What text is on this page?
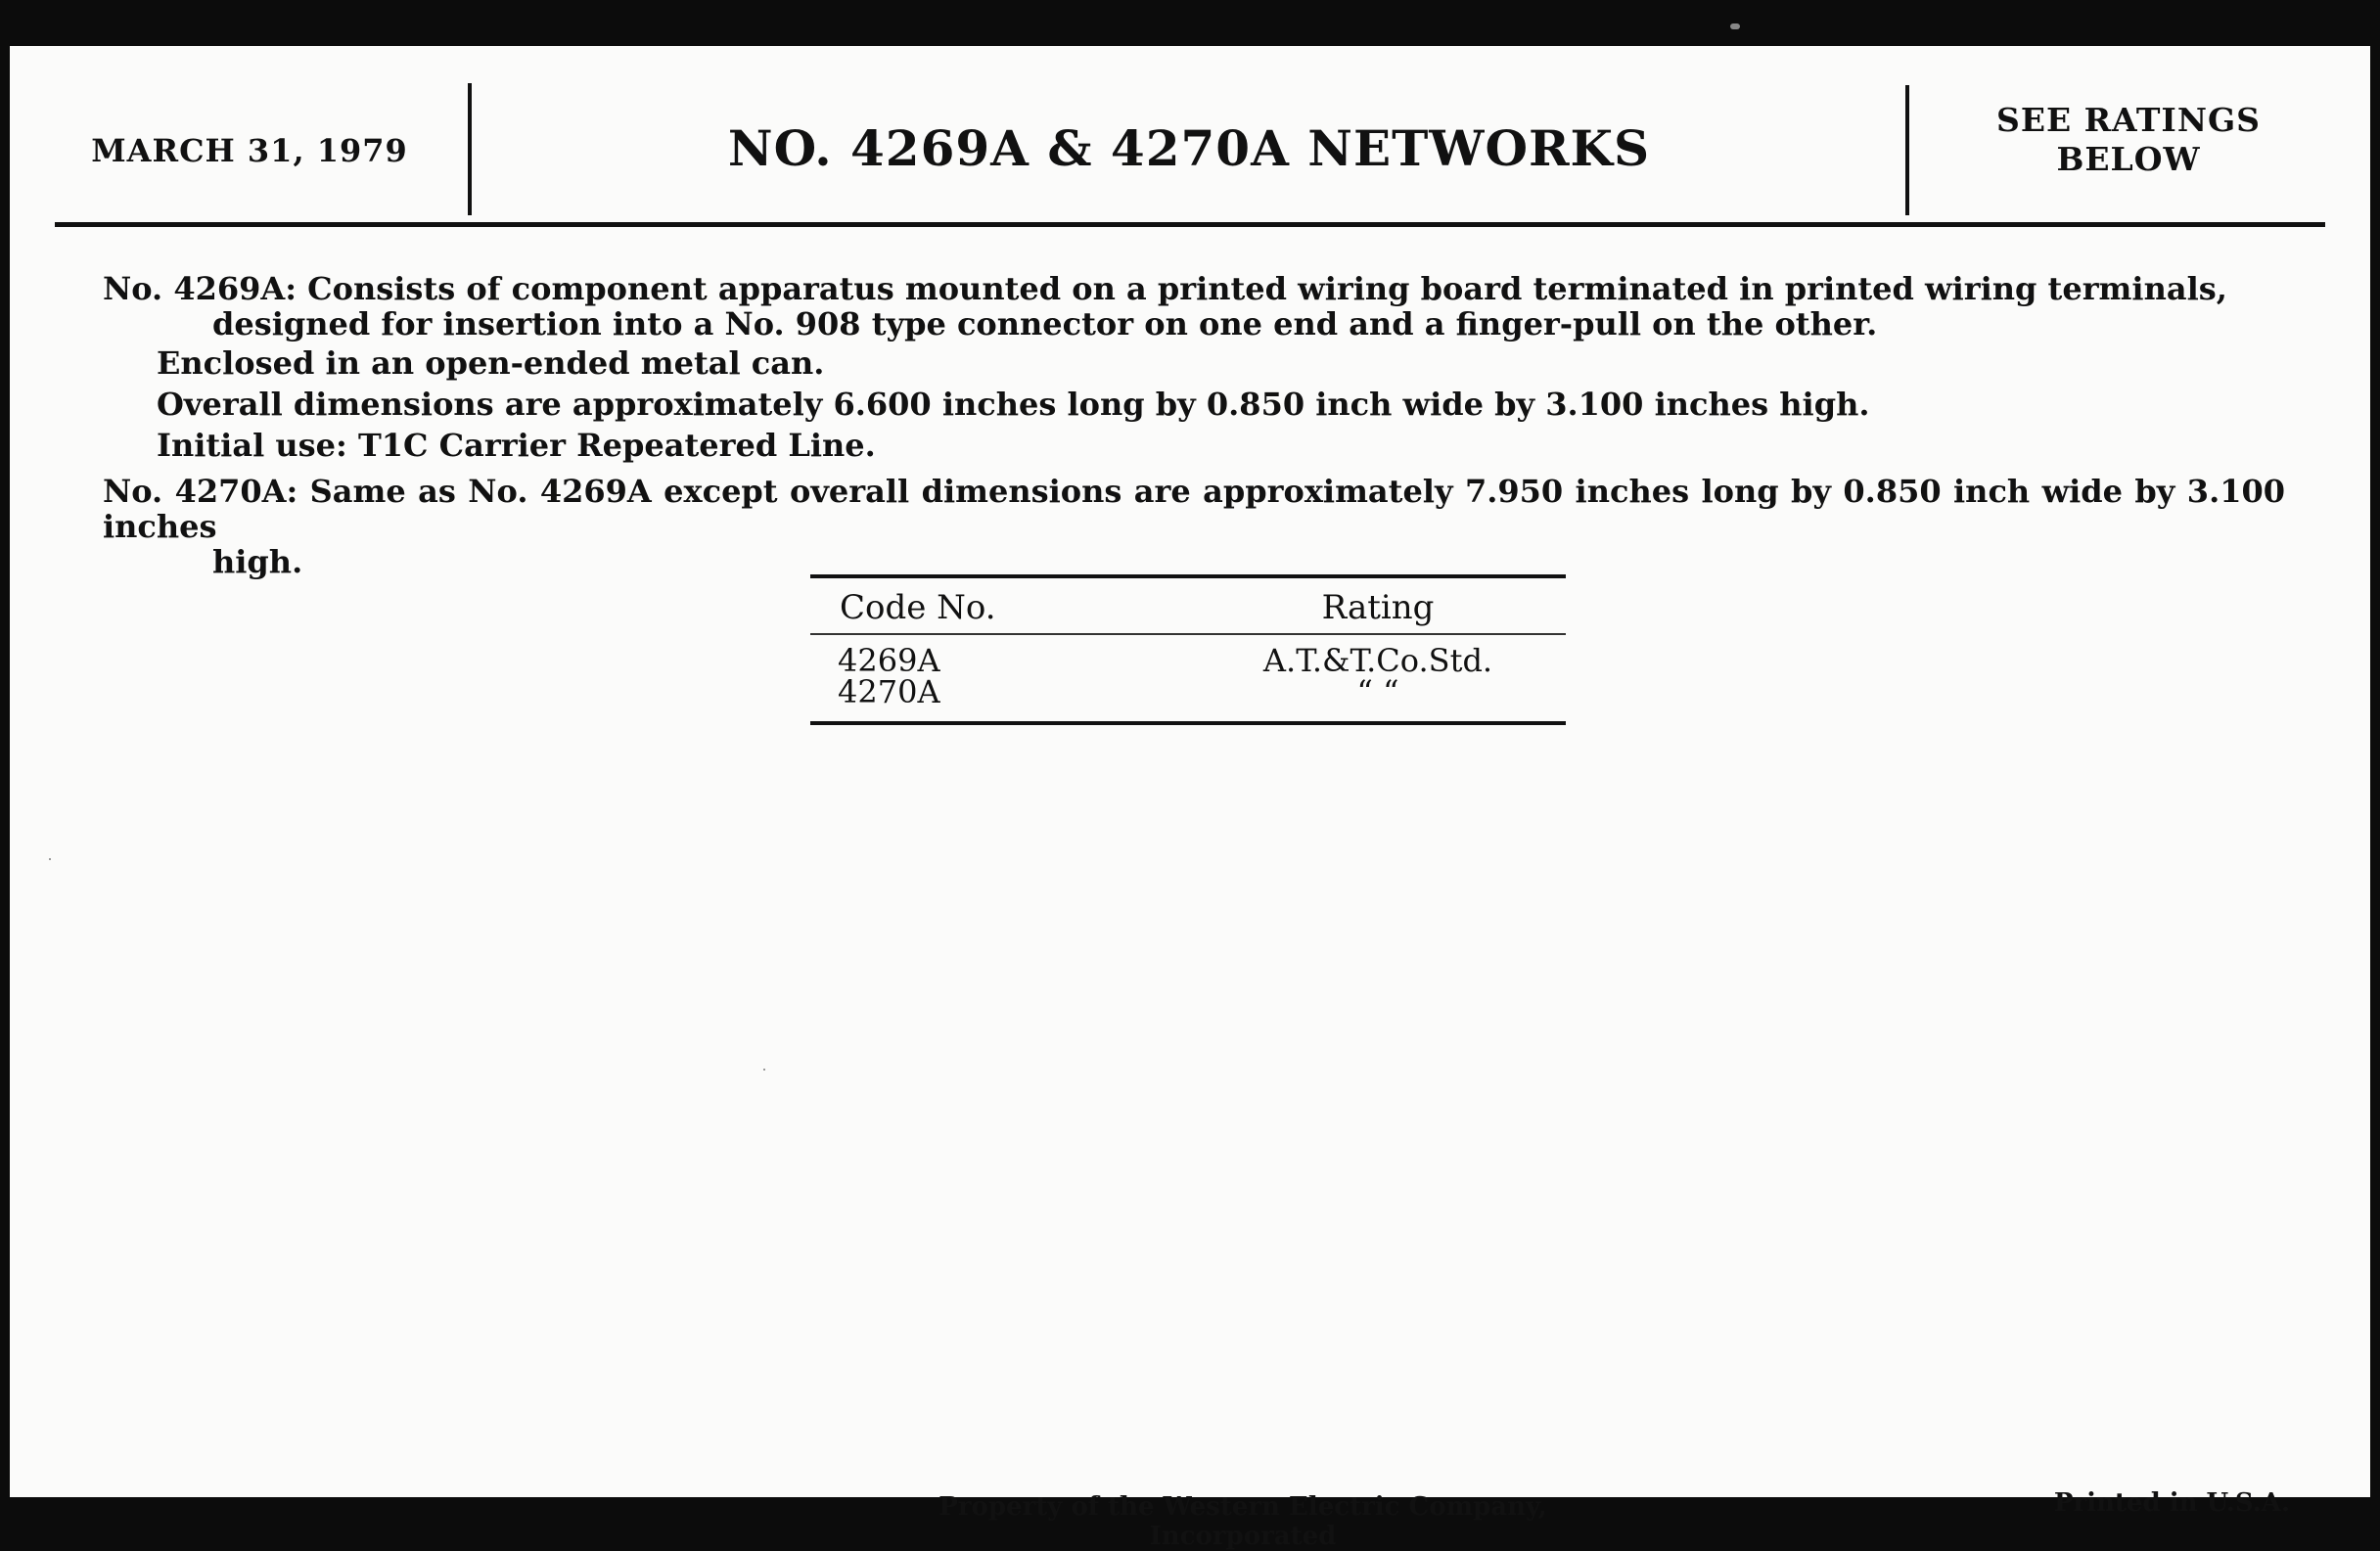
MARCH 31, 1979	NO. 4269A & 4270A NETWORKS	SEE RATINGS
BELOW
No. 4269A: Consists of component apparatus mounted on a printed wiring board terminated in printed wiring terminals,
designed for insertion into a No. 908 type connector on one end and a finger-pull on the other.
Enclosed in an open-ended metal can.
Overall dimensions are approximately 6.600 inches long by 0.850 inch wide by 3.100 inches high.
Initial use: T1C Carrier Repeatered Line.
No. 4270A: Same as No. 4269A except overall dimensions are approximately 7.950 inches long by 0.850 inch wide by 3.100 inches
high.
Code No.	Rating
4269A	A.T.&T.Co.Std.
4270A	“ “
Property of the Western Electric Company, Incorporated
Printed in U.S.A.
